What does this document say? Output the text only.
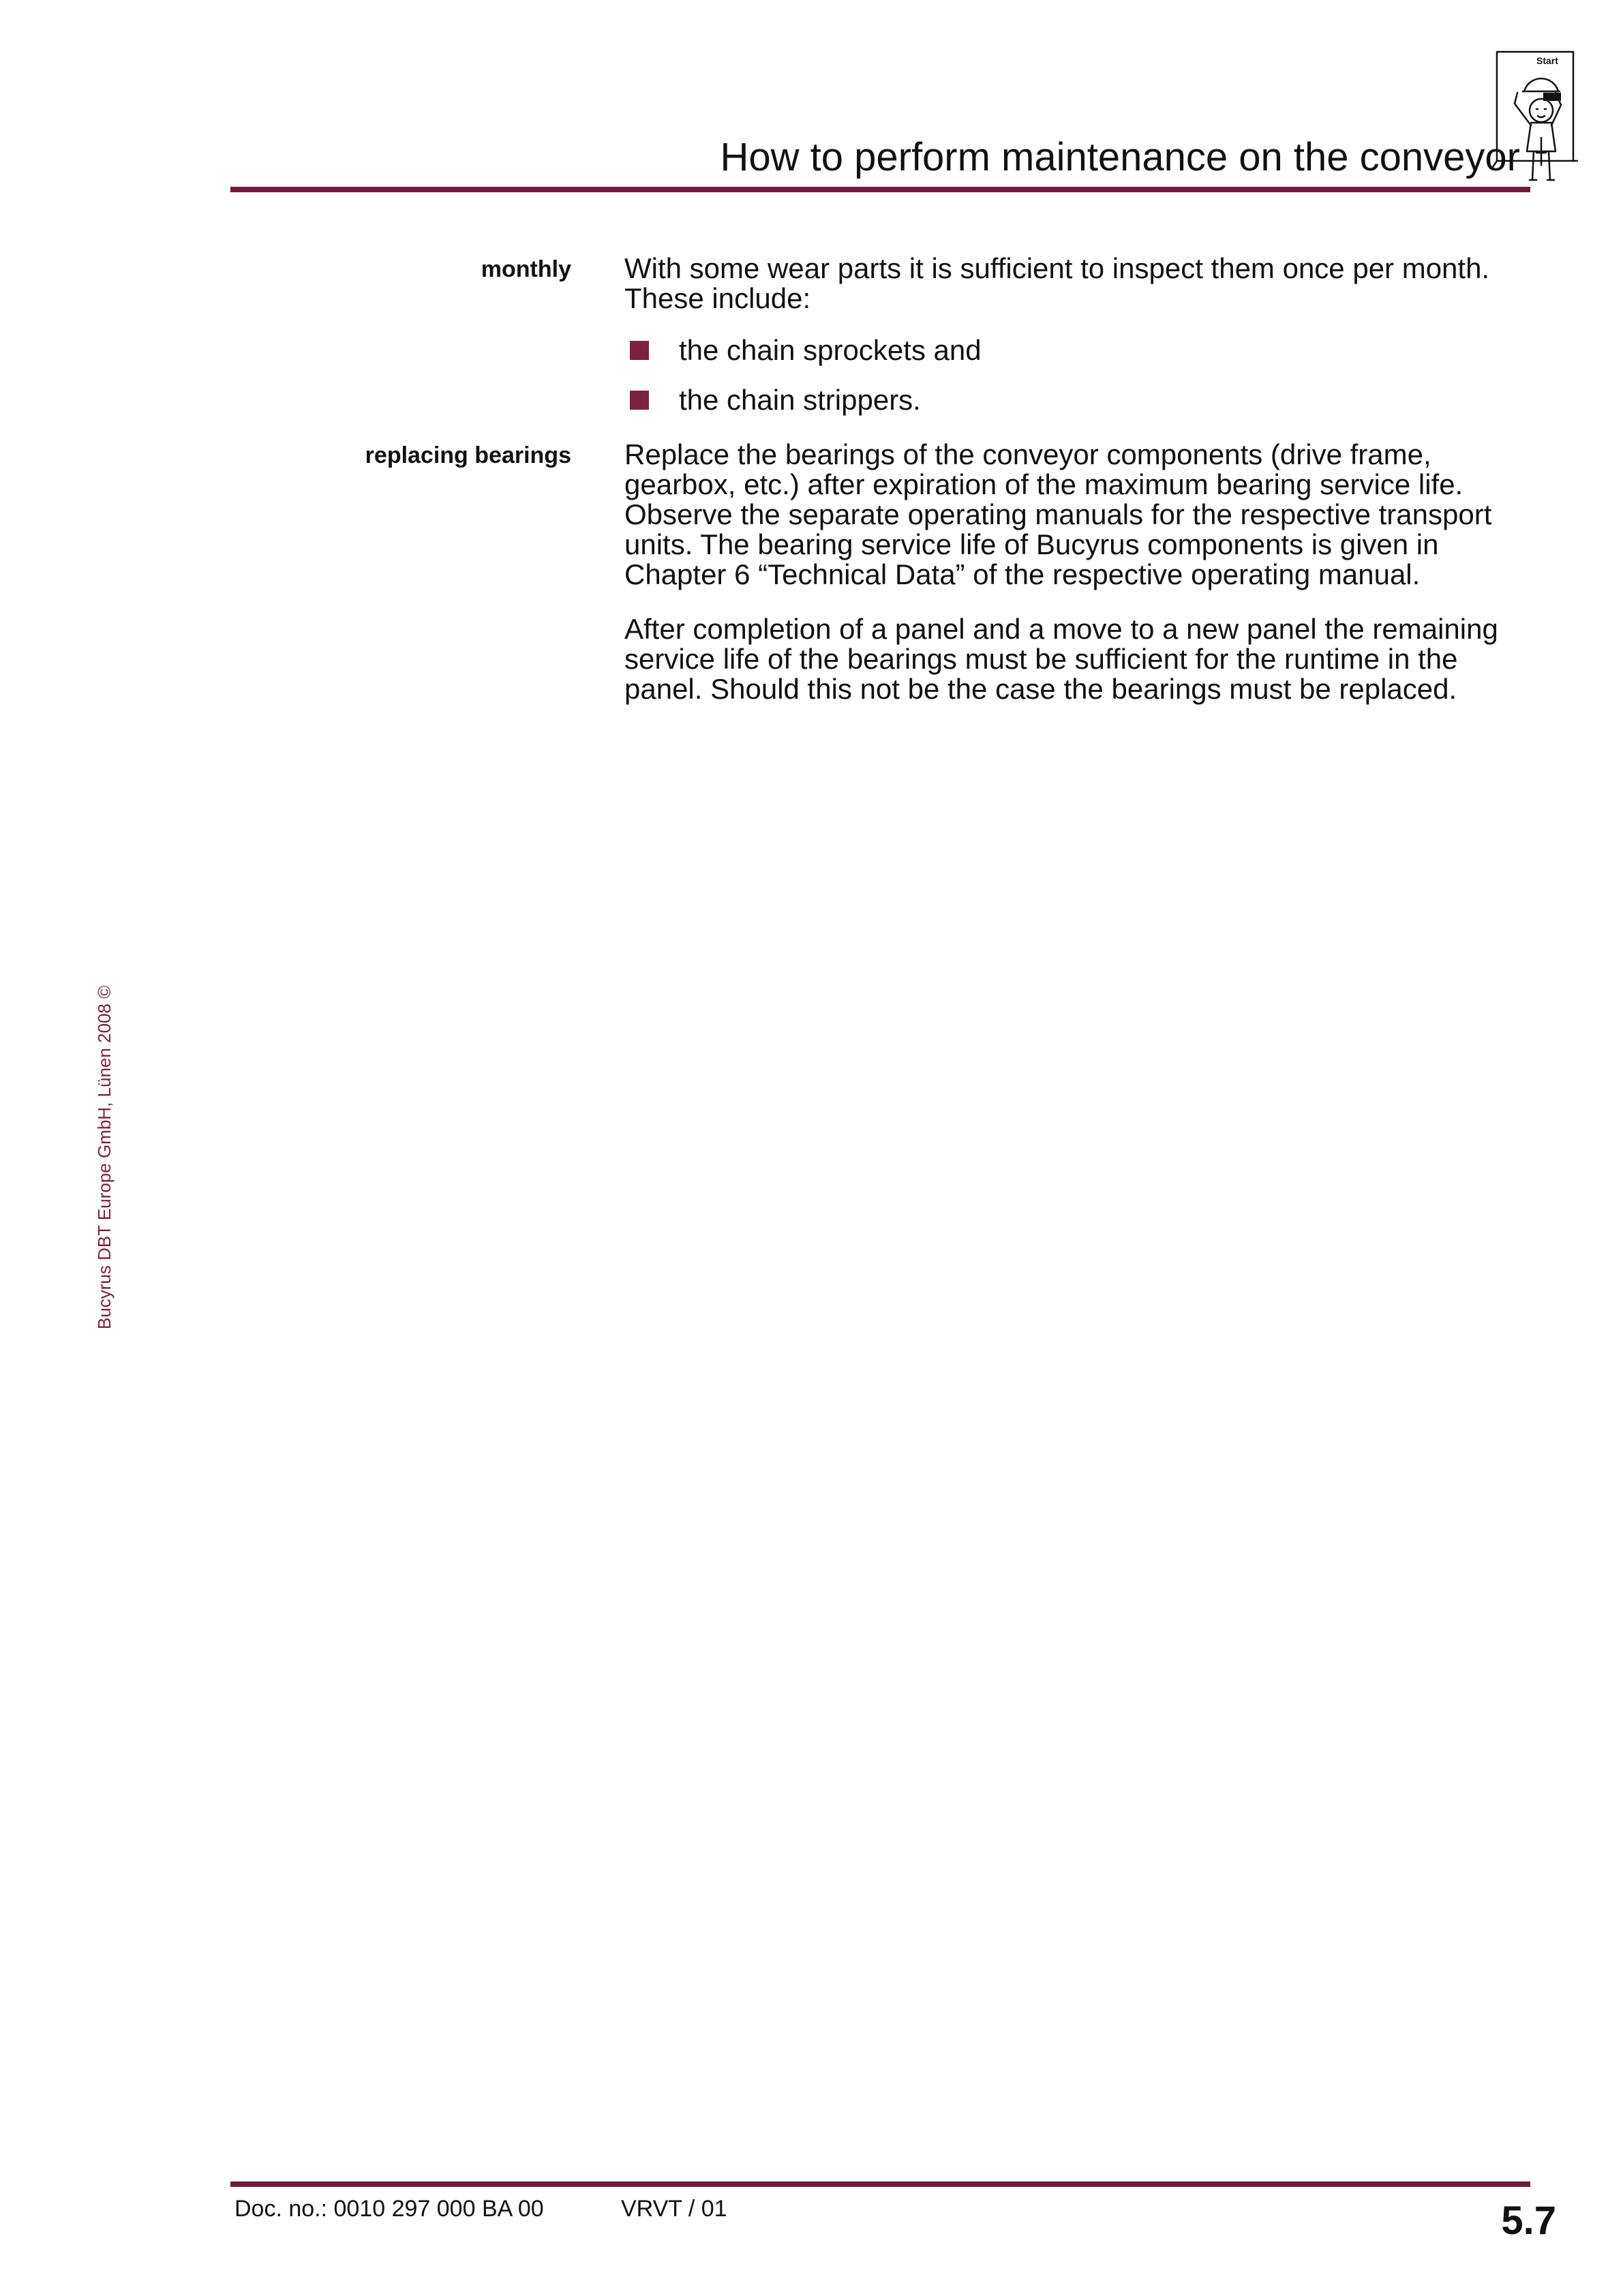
How to perform maintenance on the conveyor
Start
monthly With some wear parts it is sufficient to inspect them once per month. These include:

the chain sprockets and
the chain strippers.
replacing bearings Replace the bearings of the conveyor components (drive frame, gearbox, etc.) after expiration of the maximum bearing service life. Observe the separate operating manuals for the respective transport units. The bearing service life of Bucyrus components is given in Chapter 6 “Technical Data” of the respective operating manual.

After completion of a panel and a move to a new panel the remaining service life of the bearings must be sufficient for the runtime in the panel. Should this not be the case the bearings must be replaced.

Bucyrus DBT Europe GmbH, Lünen 2008 ©
Doc. no.: 0010 297 000 BA 00	VRVT / 01	5.7
